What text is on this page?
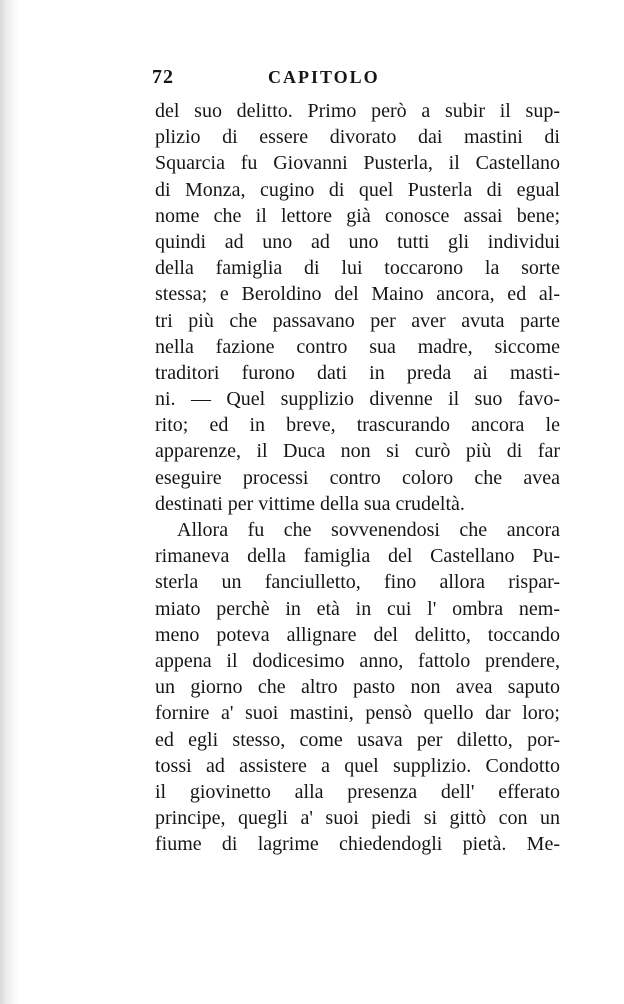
72	CAPITOLO
del suo delitto. Primo però a subir il sup-
plizio di essere divorato dai mastini di
Squarcia fu Giovanni Pusterla, il Castellano
di Monza, cugino di quel Pusterla di egual
nome che il lettore già conosce assai bene;
quindi ad uno ad uno tutti gli individui
della famiglia di lui toccarono la sorte
stessa; e Beroldino del Maino ancora, ed al-
tri più che passavano per aver avuta parte
nella fazione contro sua madre, siccome
traditori furono dati in preda ai masti-
ni. — Quel supplizio divenne il suo favo-
rito; ed in breve, trascurando ancora le
apparenze, il Duca non si curò più di far
eseguire processi contro coloro che avea
destinati per vittime della sua crudeltà.
Allora fu che sovvenendosi che ancora
rimaneva della famiglia del Castellano Pu-
sterla un fanciulletto, fino allora rispar-
miato perchè in età in cui l' ombra nem-
meno poteva allignare del delitto, toccando
appena il dodicesimo anno, fattolo prendere,
un giorno che altro pasto non avea saputo
fornire a' suoi mastini, pensò quello dar loro;
ed egli stesso, come usava per diletto, por-
tossi ad assistere a quel supplizio. Condotto
il giovinetto alla presenza dell' efferato
principe, quegli a' suoi piedi si gittò con un
fiume di lagrime chiedendogli pietà. Me-
